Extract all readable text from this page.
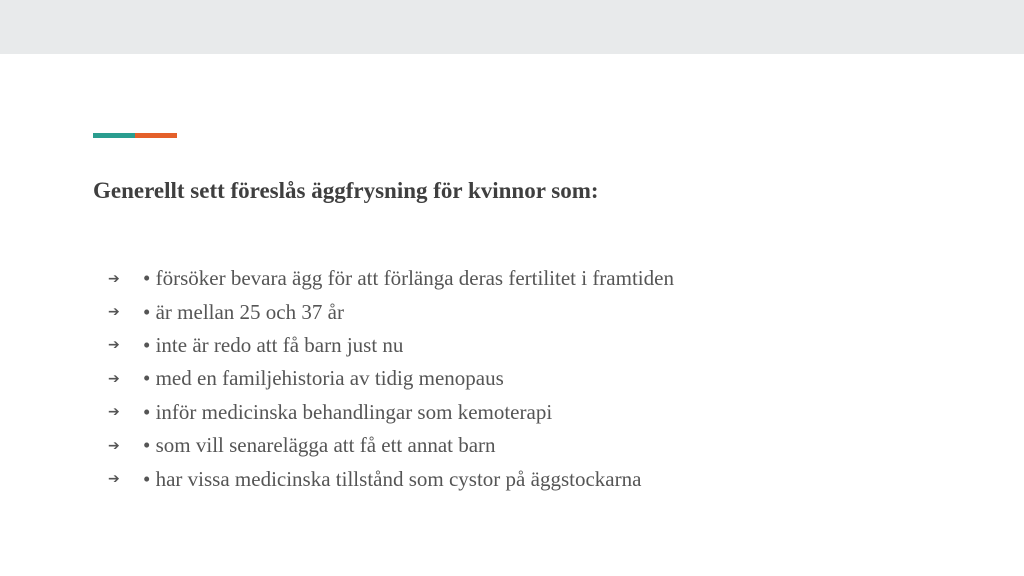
Generellt sett föreslås äggfrysning för kvinnor som:
➔	• försöker bevara ägg för att förlänga deras fertilitet i framtiden
➔	• är mellan 25 och 37 år
➔	• inte är redo att få barn just nu
➔	• med en familjehistoria av tidig menopaus
➔	• inför medicinska behandlingar som kemoterapi
➔	• som vill senarelägga att få ett annat barn
➔	• har vissa medicinska tillstånd som cystor på äggstockarna
